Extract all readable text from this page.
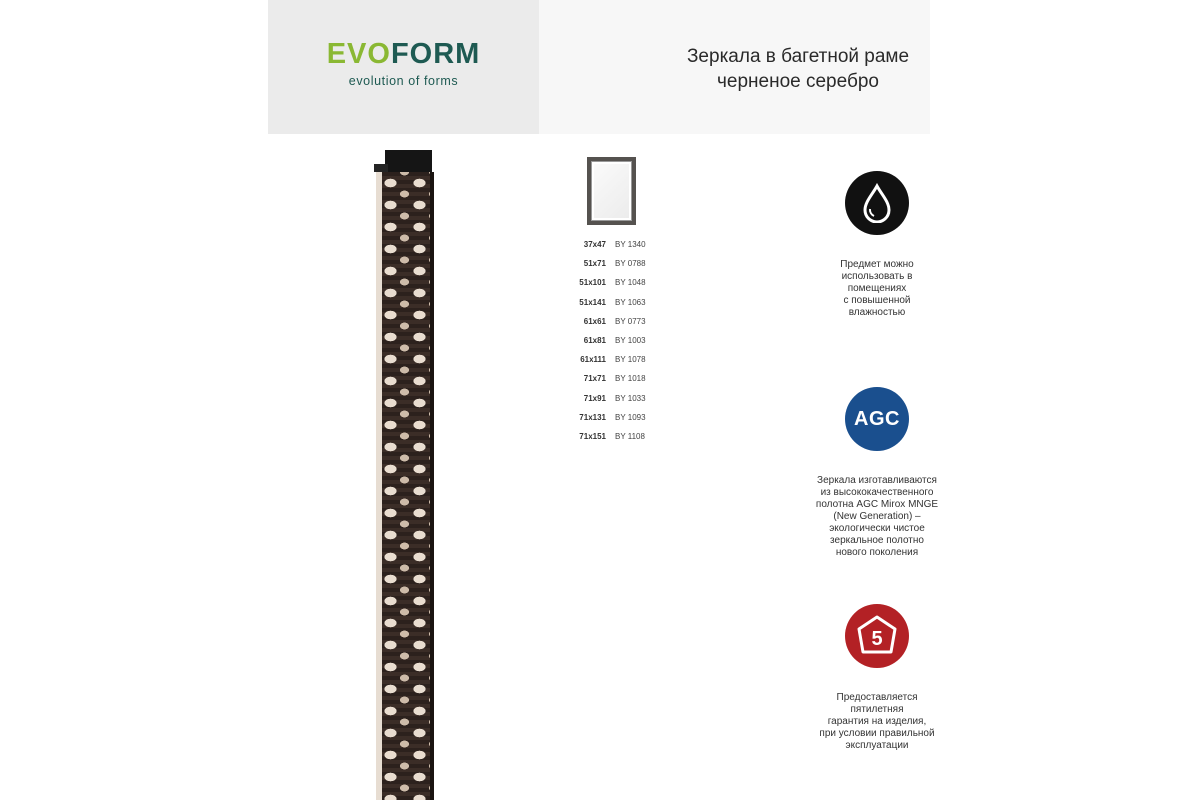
EVOFORM
evolution of forms
Зеркала в багетной раме
черненое серебро
37x47 BY 1340
51x71 BY 0788
51x101 BY 1048
51x141 BY 1063
61x61 BY 0773
61x81 BY 1003
61x111 BY 1078
71x71 BY 1018
71x91 BY 1033
71x131 BY 1093
71x151 BY 1108
Предмет можно
использовать в
помещениях
с повышенной
влажностью
AGC
Зеркала изготавливаются
из высококачественного
полотна AGC Mirox MNGE
(New Generation) –
экологически чистое
зеркальное полотно
нового поколения
5
Предоставляется
пятилетняя
гарантия на изделия,
при условии правильной
эксплуатации
